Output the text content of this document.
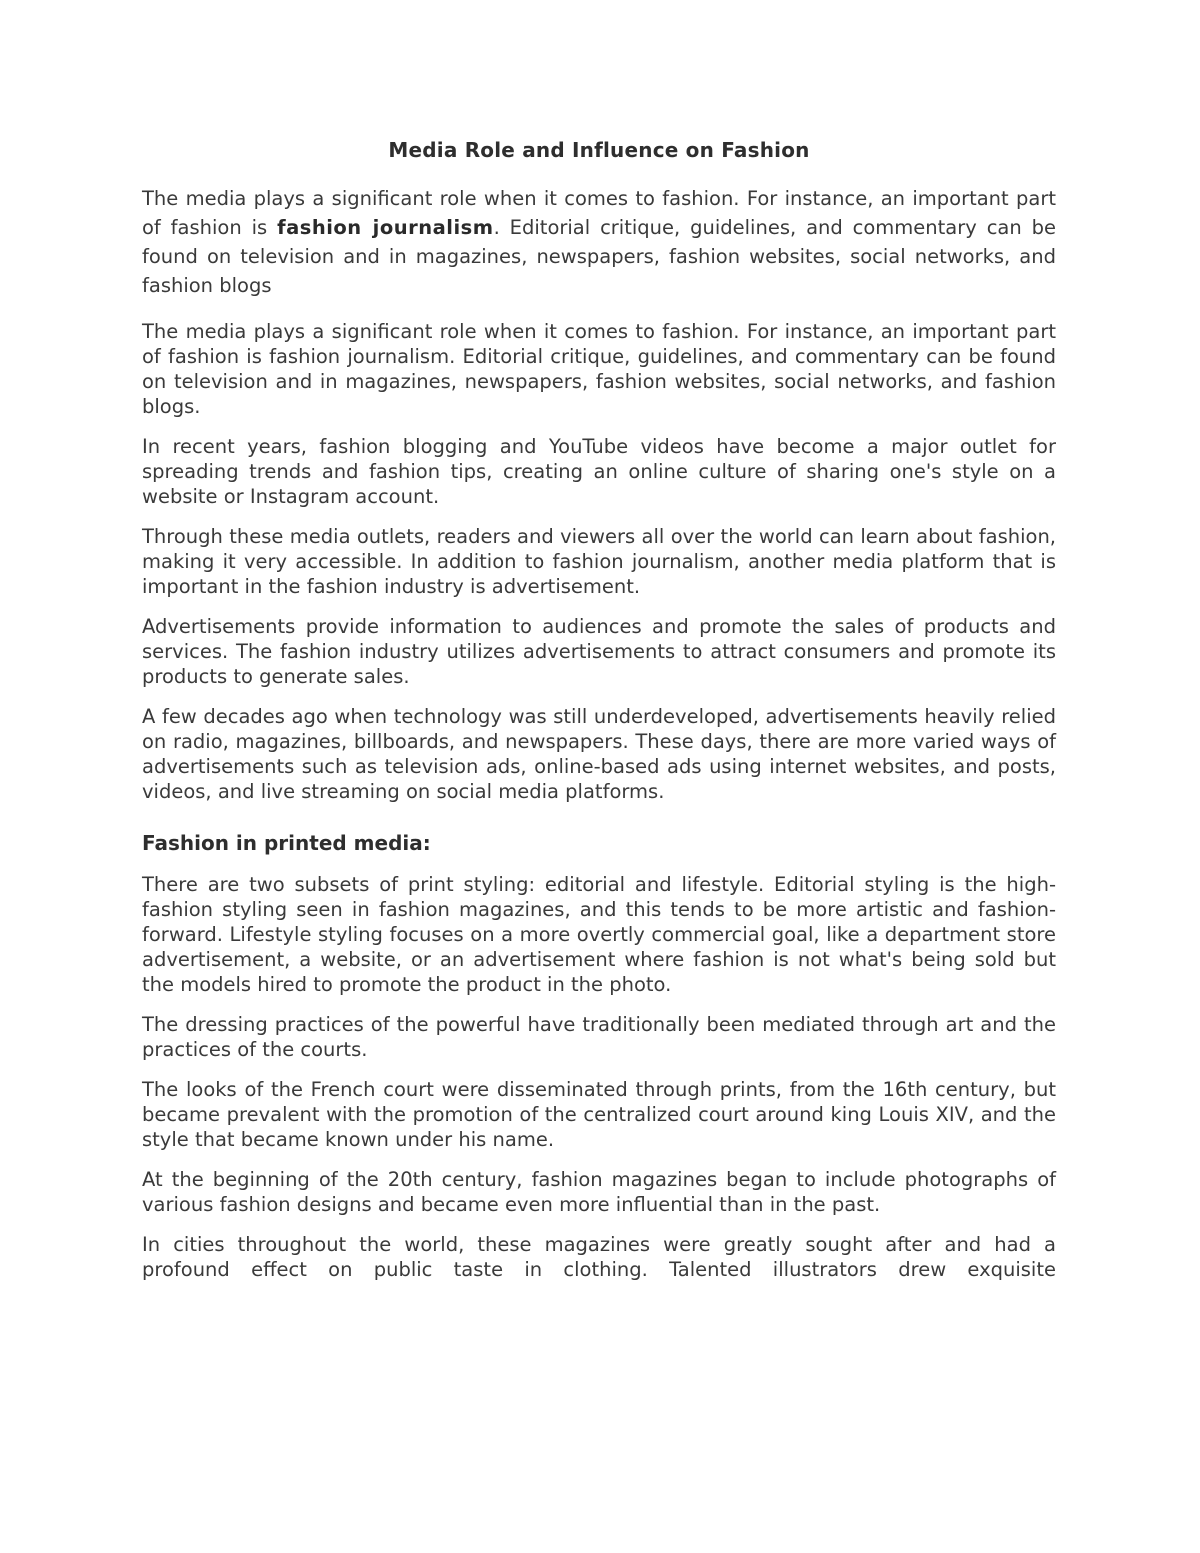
Media Role and Influence on Fashion

The media plays a significant role when it comes to fashion. For instance, an important part of fashion is fashion journalism. Editorial critique, guidelines, and commentary can be found on television and in magazines, newspapers, fashion websites, social networks, and fashion blogs

The media plays a significant role when it comes to fashion. For instance, an important part of fashion is fashion journalism. Editorial critique, guidelines, and commentary can be found on television and in magazines, newspapers, fashion websites, social networks, and fashion blogs.

In recent years, fashion blogging and YouTube videos have become a major outlet for spreading trends and fashion tips, creating an online culture of sharing one's style on a website or Instagram account.

Through these media outlets, readers and viewers all over the world can learn about fashion, making it very accessible. In addition to fashion journalism, another media platform that is important in the fashion industry is advertisement.

Advertisements provide information to audiences and promote the sales of products and services. The fashion industry utilizes advertisements to attract consumers and promote its products to generate sales.

A few decades ago when technology was still underdeveloped, advertisements heavily relied on radio, magazines, billboards, and newspapers. These days, there are more varied ways of advertisements such as television ads, online-based ads using internet websites, and posts, videos, and live streaming on social media platforms.

Fashion in printed media:

There are two subsets of print styling: editorial and lifestyle. Editorial styling is the high-fashion styling seen in fashion magazines, and this tends to be more artistic and fashion-forward. Lifestyle styling focuses on a more overtly commercial goal, like a department store advertisement, a website, or an advertisement where fashion is not what's being sold but the models hired to promote the product in the photo.

The dressing practices of the powerful have traditionally been mediated through art and the practices of the courts.

The looks of the French court were disseminated through prints, from the 16th century, but became prevalent with the promotion of the centralized court around king Louis XIV, and the style that became known under his name.

At the beginning of the 20th century, fashion magazines began to include photographs of various fashion designs and became even more influential than in the past.

In cities throughout the world, these magazines were greatly sought after and had a profound effect on public taste in clothing. Talented illustrators drew exquisite
